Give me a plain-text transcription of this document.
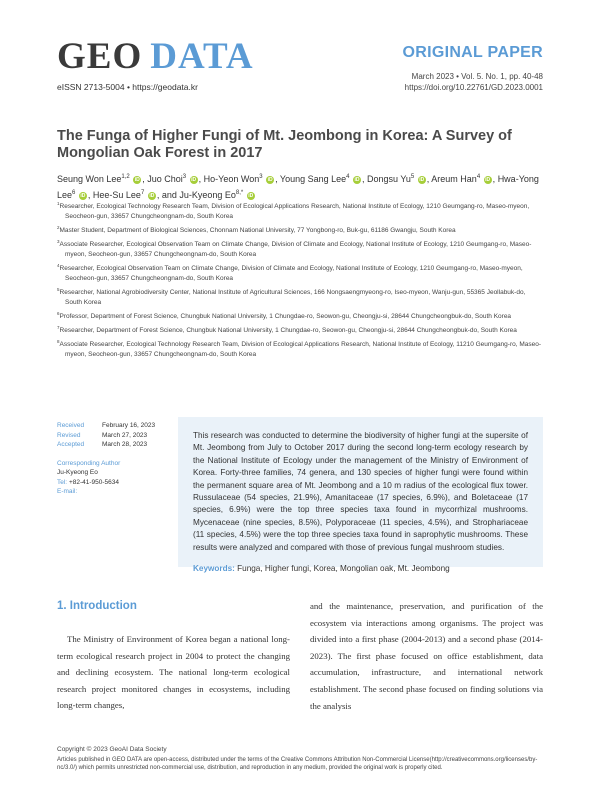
GEO DATA
eISSN 2713-5004 • https://geodata.kr
ORIGINAL PAPER
March 2023 • Vol. 5. No. 1, pp. 40-48
https://doi.org/10.22761/GD.2023.0001
The Funga of Higher Fungi of Mt. Jeombong in Korea: A Survey of Mongolian Oak Forest in 2017
Seung Won Lee$^{1,2}$ iD , Juo Choi$^3$ iD , Ho-Yeon Won$^3$ iD , Young Sang Lee$^4$ iD , Dongsu Yu$^5$ iD , Areum Han$^4$ iD , Hwa-Yong Lee$^6$ iD , Hee-Su Lee$^7$ iD , and Ju-Kyeong $Eo^{8,*}$ iD
$^1$Researcher, Ecological Technology Research Team, Division of Ecological Applications Research, National Institute of Ecology, 1210 Geumgang-ro, Maseo-myeon, Seocheon-gun, 33657 Chungcheongnam-do, South Korea
$^2$Master Student, Department of Biological Sciences, Chonnam National University, 77 Yongbong-ro, Buk-gu, 61186 Gwangju, South Korea
$^3$Associate Researcher, Ecological Observation Team on Climate Change, Division of Climate and Ecology, National Institute of Ecology, 1210 Geumgang-ro, Maseo-myeon, Seocheon-gun, 33657 Chungcheongnam-do, South Korea
$^4$Researcher, Ecological Observation Team on Climate Change, Division of Climate and Ecology, National Institute of Ecology, 1210 Geumgang-ro, Maseo-myeon, Seocheon-gun, 33657 Chungcheongnam-do, South Korea
$^5$Researcher, National Agrobiodiversity Center, National Institute of Agricultural Sciences, 166 Nongsaengmyeong-ro, Iseo-myeon, Wanju-gun, 55365 Jeollabuk-do, South Korea
$^6$Professor, Department of Forest Science, Chungbuk National University, 1 Chungdae-ro, Seowon-gu, Cheongju-si, 28644 Chungcheongbuk-do, South Korea
$^7$Researcher, Department of Forest Science, Chungbuk National University, 1 Chungdae-ro, Seowon-gu, Cheongju-si, 28644 Chungcheongbuk-do, South Korea
$^8$Associate Researcher, Ecological Technology Research Team, Division of Ecological Applications Research, National Institute of Ecology, 11210 Geumgang-ro, Maseo-myeon, Seocheon-gun, 33657 Chungcheongnam-do, South Korea
Received	February 16, 2023
Revised	March 27, 2023
Accepted	March 28, 2023
Corresponding Author
Ju-Kyeong Eo
Tel: +82-41-950-5634
E-mail:

This research was conducted to determine the biodiversity of higher fungi at the supersite of Mt. Jeombong from July to October 2017 during the second long-term ecology research by the National Institute of Ecology under the management of the Ministry of Environment of Korea. Forty-three families, 74 genera, and 130 species of higher fungi were found within the permanent square area of Mt. Jeombong and a 10 m radius of the ecological flux tower. Russulaceae (54 species, 21.9%), Amanitaceae (17 species, 6.9%), and Boletaceae (17 species, 6.9%) were the top three species taxa found in mycorrhizal mushrooms. Mycenaceae (nine species, 8.5%), Polyporaceae (11 species, 4.5%), and Strophariaceae (11 species, 4.5%) were the top three species taxa found in saprophytic mushrooms. These results were analyzed and compared with those of previous fungal mushroom studies.

Keywords: Funga, Higher fungi, Korea, Mongolian oak, Mt. Jeombong

1. Introduction
The Ministry of Environment of Korea began a national long-term ecological research project in 2004 to protect the changing and declining ecosystem. The national long-term ecological research project monitored changes in ecosystems, including long-term changes,
and the maintenance, preservation, and purification of the ecosystem via interactions among organisms. The project was divided into a first phase (2004-2013) and a second phase (2014-2023). The first phase focused on office establishment, data accumulation, infrastructure, and international network establishment. The second phase focused on finding solutions via the analysis
Copyright © 2023 GeoAI Data Society
Articles published in GEO DATA are open-access, distributed under the terms of the Creative Commons Attribution Non-Commercial License(http://creativecommons.org/licenses/by-nc/3.0/) which permits unrestricted non-commercial use, distribution, and reproduction in any medium, provided the original work is properly cited.
